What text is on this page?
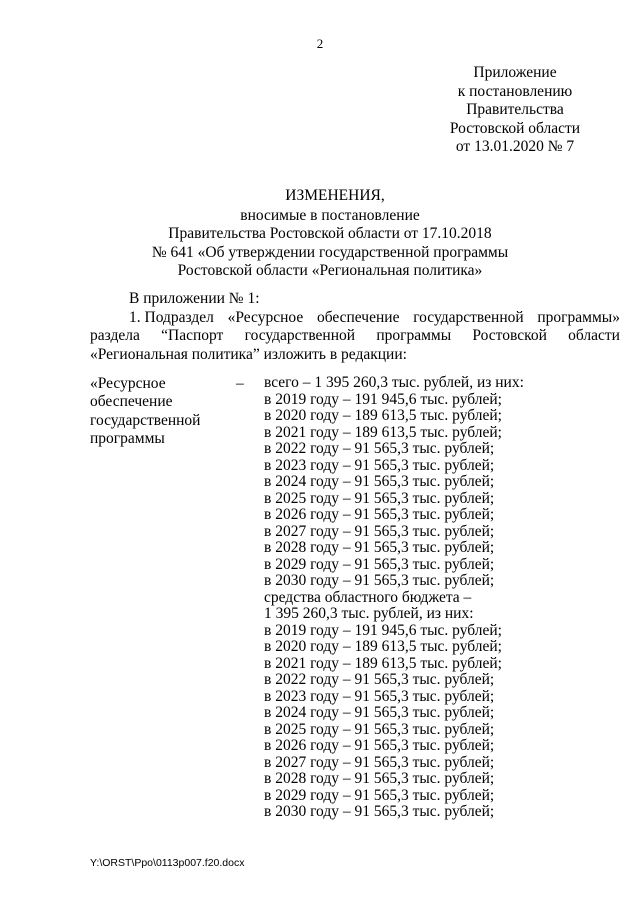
2
Приложение
к постановлению
Правительства
Ростовской области
от 13.01.2020 № 7
ИЗМЕНЕНИЯ,
вносимые в постановление
Правительства Ростовской области от 17.10.2018
№ 641 «Об утверждении государственной программы
Ростовской области «Региональная политика»
В приложении № 1:
1. Подраздел «Ресурсное обеспечение государственной программы»
раздела “Паспорт государственной программы Ростовской области
«Региональная политика” изложить в редакции:
«Ресурсное
обеспечение
государственной
программы
– всего – 1 395 260,3 тыс. рублей, из них:
в 2019 году – 191 945,6 тыс. рублей;
в 2020 году – 189 613,5 тыс. рублей;
в 2021 году – 189 613,5 тыс. рублей;
в 2022 году – 91 565,3 тыс. рублей;
в 2023 году – 91 565,3 тыс. рублей;
в 2024 году – 91 565,3 тыс. рублей;
в 2025 году – 91 565,3 тыс. рублей;
в 2026 году – 91 565,3 тыс. рублей;
в 2027 году – 91 565,3 тыс. рублей;
в 2028 году – 91 565,3 тыс. рублей;
в 2029 году – 91 565,3 тыс. рублей;
в 2030 году – 91 565,3 тыс. рублей;
средства областного бюджета –
1 395 260,3 тыс. рублей, из них:
в 2019 году – 191 945,6 тыс. рублей;
в 2020 году – 189 613,5 тыс. рублей;
в 2021 году – 189 613,5 тыс. рублей;
в 2022 году – 91 565,3 тыс. рублей;
в 2023 году – 91 565,3 тыс. рублей;
в 2024 году – 91 565,3 тыс. рублей;
в 2025 году – 91 565,3 тыс. рублей;
в 2026 году – 91 565,3 тыс. рублей;
в 2027 году – 91 565,3 тыс. рублей;
в 2028 году – 91 565,3 тыс. рублей;
в 2029 году – 91 565,3 тыс. рублей;
в 2030 году – 91 565,3 тыс. рублей;
Y:\ORST\Ppo\0113p007.f20.docx
